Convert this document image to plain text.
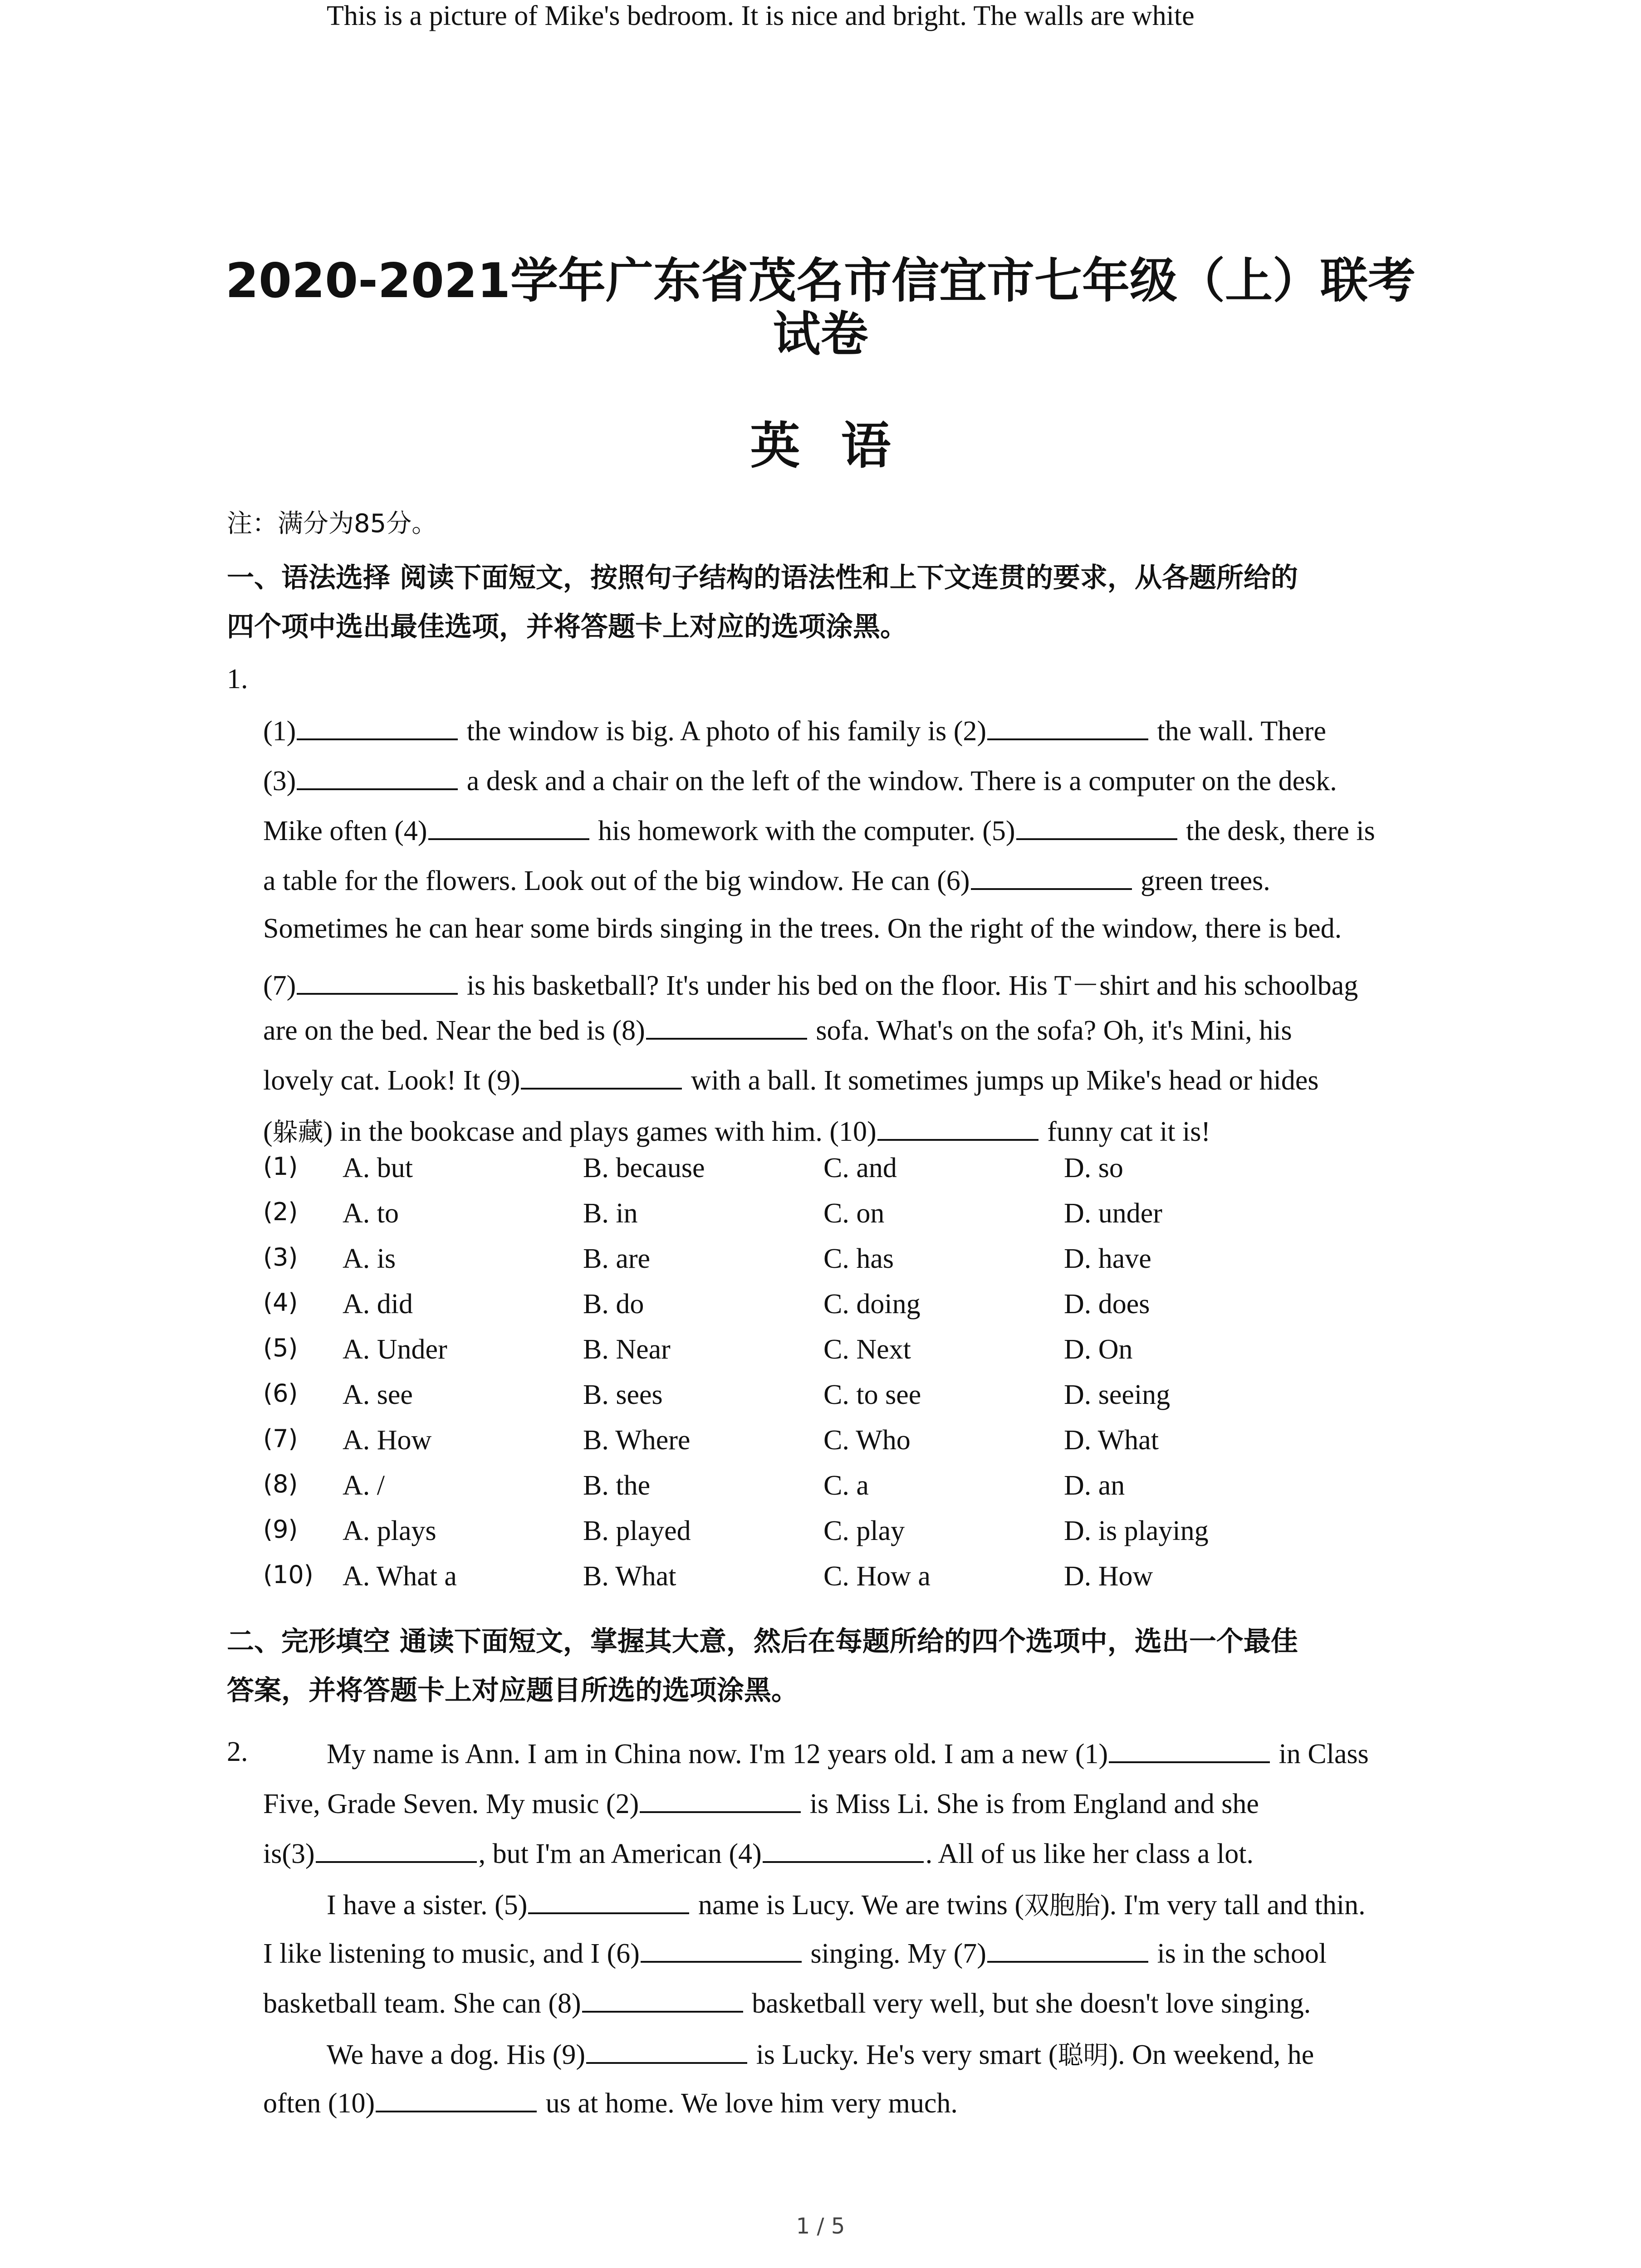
2020-2021学年广东省茂名市信宜市七年级（上）联考
试卷
英语
注：满分为85分。
一、语法选择 阅读下面短文，按照句子结构的语法性和上下文连贯的要求，从各题所给的
四个项中选出最佳选项，并将答题卡上对应的选项涂黑。
1.
This is a picture of Mike's bedroom. It is nice and bright. The walls are white
(1)	the window is big. A photo of his family is (2)	the wall. There
(3)	a desk and a chair on the left of the window. There is a computer on the desk.
Mike often (4)	his homework with the computer. (5)	the desk, there is
a table for the flowers. Look out of the big window. He can (6)	green trees.
Sometimes he can hear some birds singing in the trees. On the right of the window, there is bed.
(7)	is his basketball? It's under his bed on the floor. His T－shirt and his schoolbag
are on the bed. Near the bed is (8)	sofa. What's on the sofa? Oh, it's Mini, his
lovely cat. Look! It (9)	with a ball. It sometimes jumps up Mike's head or hides
(躲藏) in the bookcase and plays games with him. (10)	funny cat it is!
(1) A. but	B. because	C. and	D. so
(2) A. to	B. in	C. on	D. under
(3) A. is	B. are	C. has	D. have
(4) A. did	B. do	C. doing	D. does
(5) A. Under	B. Near	C. Next	D. On
(6) A. see	B. sees	C. to see	D. seeing
(7) A. How	B. Where	C. Who	D. What
(8) A. /	B. the	C. a	D. an
(9) A. plays	B. played	C. play	D. is playing
(10) A. What a	B. What	C. How a	D. How
二、完形填空 通读下面短文，掌握其大意，然后在每题所给的四个选项中，选出一个最佳
答案，并将答题卡上对应题目所选的选项涂黑。
2.	My name is Ann. I am in China now. I'm 12 years old. I am a new (1)	in Class
Five, Grade Seven. My music (2)	is Miss Li. She is from England and she
is(3)	, but I'm an American (4)	. All of us like her class a lot.
I have a sister. (5)	name is Lucy. We are twins (双胞胎). I'm very tall and thin.
I like listening to music, and I (6)	singing. My (7)	is in the school
basketball team. She can (8)	basketball very well, but she doesn't love singing.
We have a dog. His (9)	is Lucky. He's very smart (聪明). On weekend, he
often (10)	us at home. We love him very much.
1 / 5
